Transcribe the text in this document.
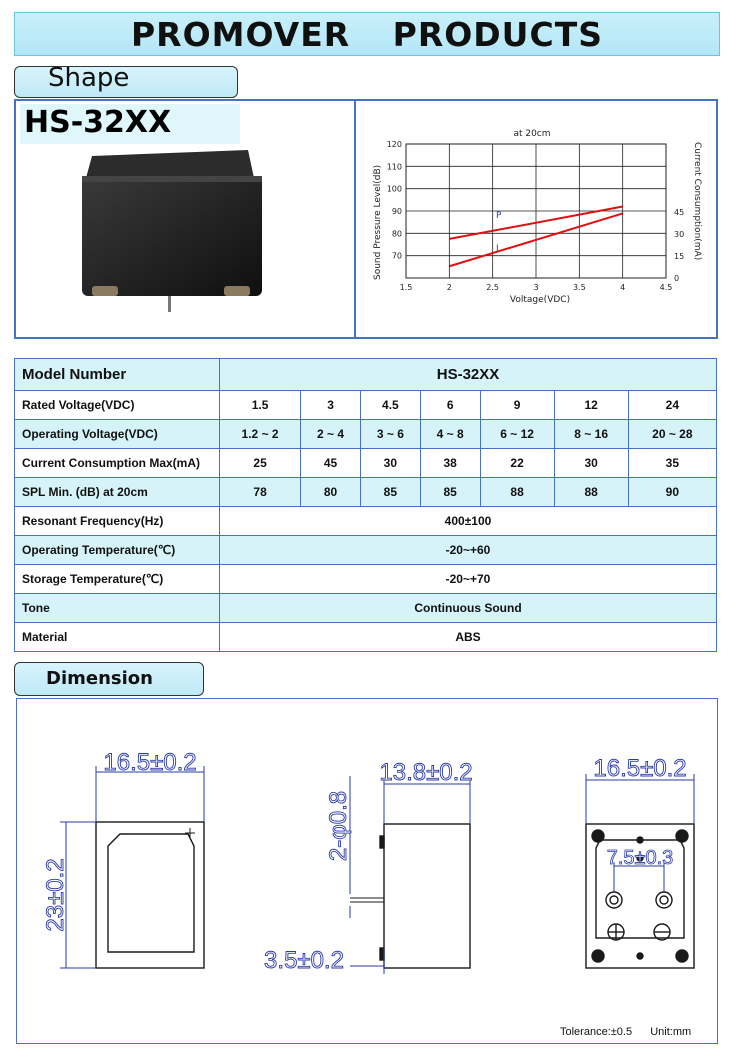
PROMOVER PRODUCTS
Shape
HS-32XX
1.5	2	2.5	3	3.5	4	4.5
120
110
100
90
80
70
45
30
15
0
at 20cm
Sound Pressure Level(dB)	Current Consumption(mA)
Voltage(VDC)
P
I
Model Number	HS-32XX						
Rated Voltage(VDC)	1.5	3	4.5	6	9	12	24
Operating Voltage(VDC)	1.2 ~ 2	2 ~ 4	3 ~ 6	4 ~ 8	6 ~ 12	8 ~ 16	20 ~ 28
Current Consumption Max(mA)	25	45	30	38	22	30	35
SPL Min. (dB) at 20cm	78	80	85	85	88	88	90
Resonant Frequency(Hz)	400±100						
Operating Temperature(℃)	-20~+60						
Storage Temperature(℃)	-20~+70						
Tone	Continuous Sound						
Material	ABS						
Dimension
16.5±0.2
23±0.2
13.8±0.2
2-φ0.8
3.5±0.2
16.5±0.2
7.5±0.3
Tolerance:±0.5 Unit:mm
